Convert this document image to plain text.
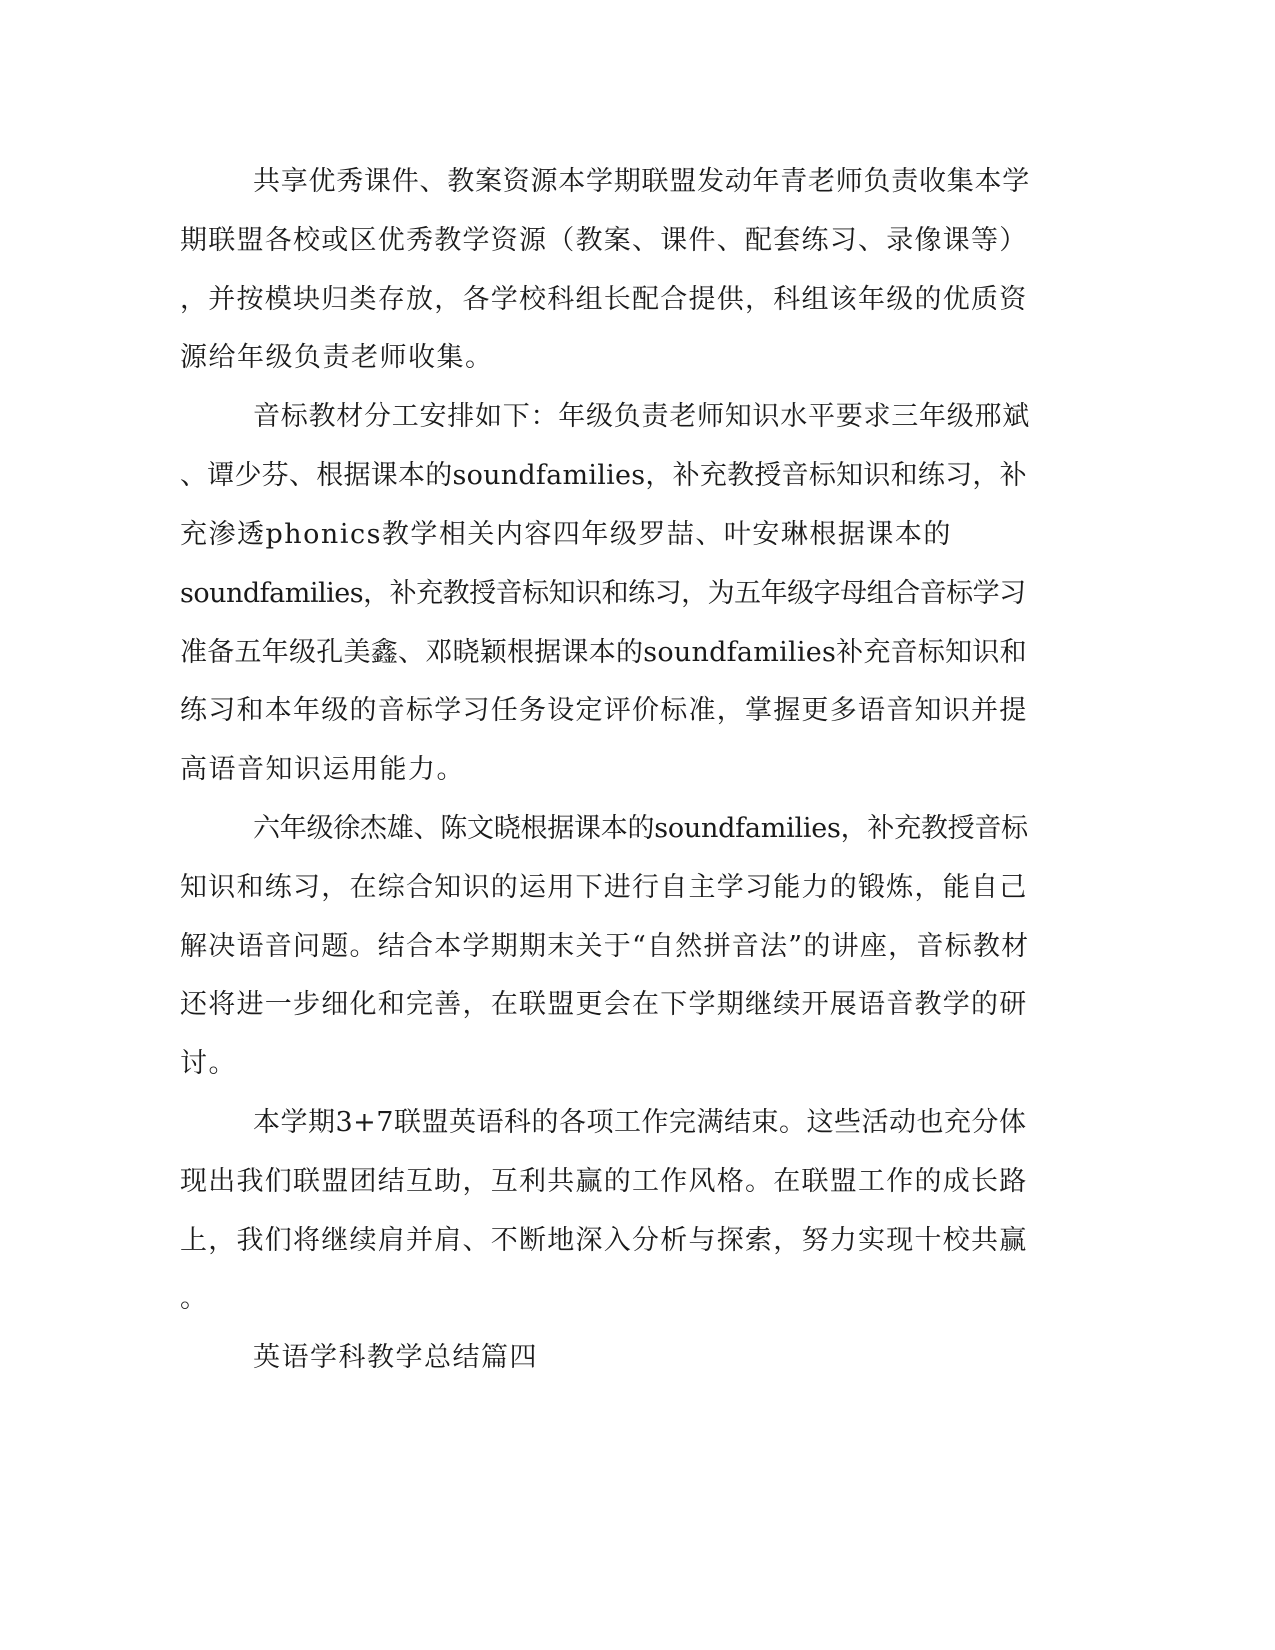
共享优秀课件、教案资源本学期联盟发动年青老师负责收集本学
期联盟各校或区优秀教学资源（教案、课件、配套练习、录像课等）
，并按模块归类存放，各学校科组长配合提供，科组该年级的优质资
源给年级负责老师收集。
音标教材分工安排如下：年级负责老师知识水平要求三年级邢斌
、谭少芬、根据课本的soundfamilies，补充教授音标知识和练习，补
充渗透phonics教学相关内容四年级罗喆、叶安琳根据课本的
soundfamilies，补充教授音标知识和练习，为五年级字母组合音标学习
准备五年级孔美鑫、邓晓颖根据课本的soundfamilies补充音标知识和
练习和本年级的音标学习任务设定评价标准，掌握更多语音知识并提
高语音知识运用能力。
六年级徐杰雄、陈文晓根据课本的soundfamilies，补充教授音标
知识和练习，在综合知识的运用下进行自主学习能力的锻炼，能自己
解决语音问题。结合本学期期末关于“自然拼音法”的讲座，音标教材
还将进一步细化和完善，在联盟更会在下学期继续开展语音教学的研
讨。
本学期3+7联盟英语科的各项工作完满结束。这些活动也充分体
现出我们联盟团结互助，互利共赢的工作风格。在联盟工作的成长路
上，我们将继续肩并肩、不断地深入分析与探索，努力实现十校共赢
。
英语学科教学总结篇四
